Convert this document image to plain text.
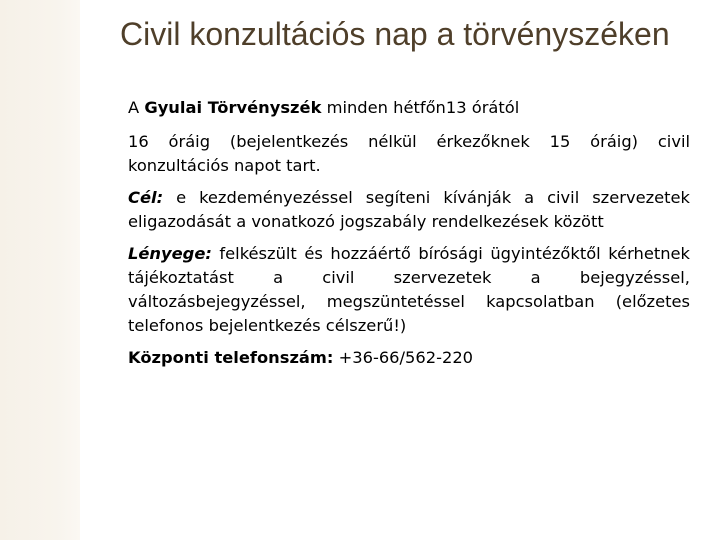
Civil konzultációs nap a törvényszéken

A Gyulai Törvényszék minden hétfőn13 órától

16 óráig (bejelentkezés nélkül érkezőknek 15 óráig) civil konzultációs napot tart.

Cél: e kezdeményezéssel segíteni kívánják a civil szervezetek eligazodását a vonatkozó jogszabály rendelkezések között

Lényege: felkészült és hozzáértő bírósági ügyintézőktől kérhetnek tájékoztatást a civil szervezetek a bejegyzéssel, változásbejegyzéssel, megszüntetéssel kapcsolatban (előzetes telefonos bejelentkezés célszerű!)

Központi telefonszám: +36-66/562-220
